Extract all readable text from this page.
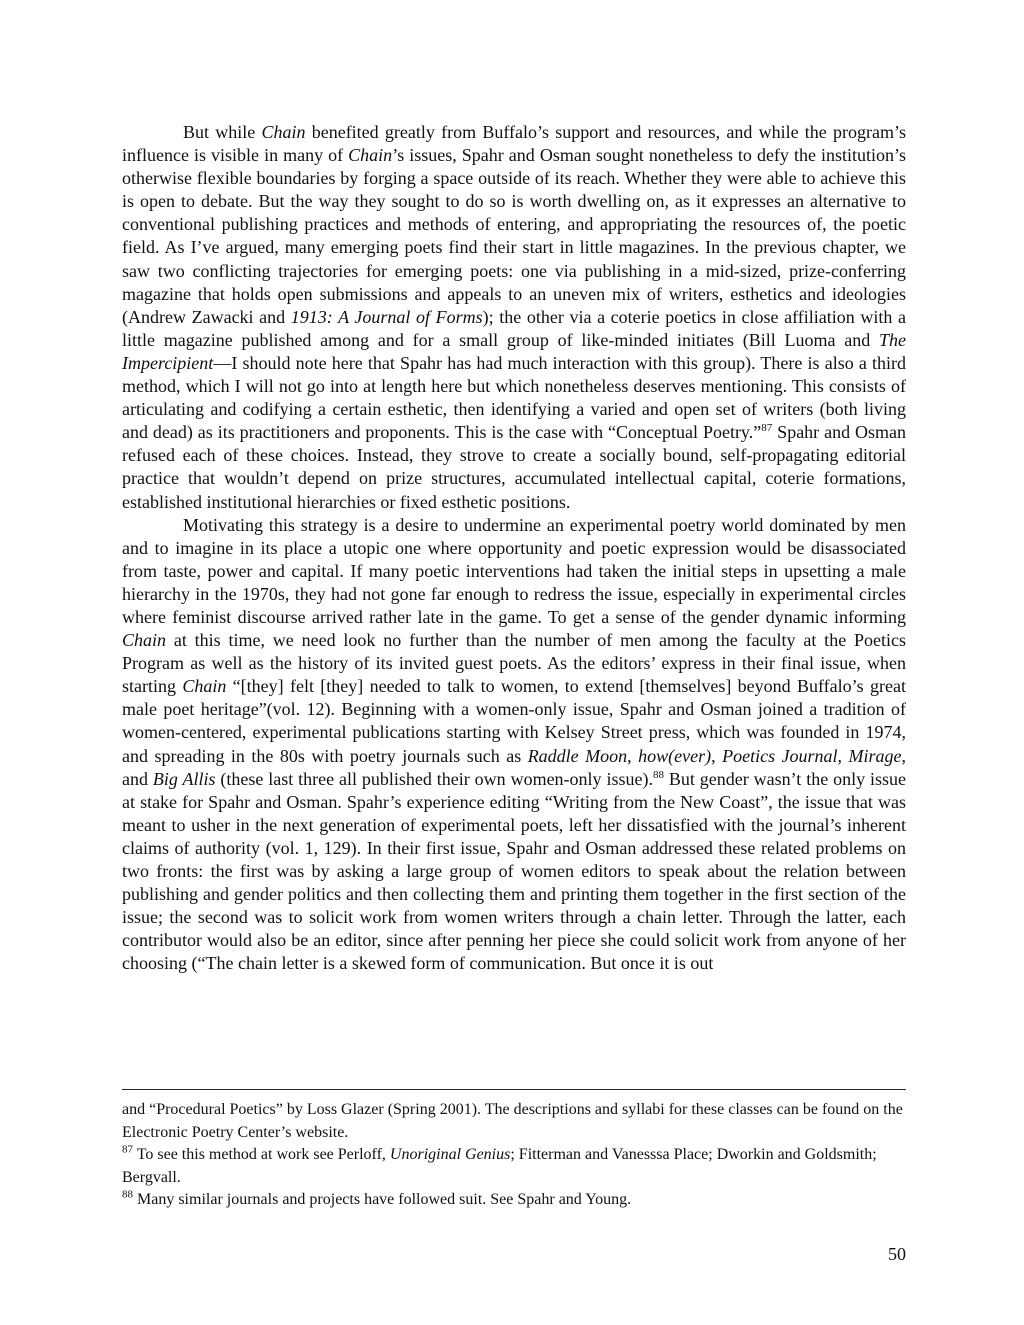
But while Chain benefited greatly from Buffalo’s support and resources, and while the program’s influence is visible in many of Chain’s issues, Spahr and Osman sought nonetheless to defy the institution’s otherwise flexible boundaries by forging a space outside of its reach. Whether they were able to achieve this is open to debate. But the way they sought to do so is worth dwelling on, as it expresses an alternative to conventional publishing practices and methods of entering, and appropriating the resources of, the poetic field. As I’ve argued, many emerging poets find their start in little magazines. In the previous chapter, we saw two conflicting trajectories for emerging poets: one via publishing in a mid-sized, prize-conferring magazine that holds open submissions and appeals to an uneven mix of writers, esthetics and ideologies (Andrew Zawacki and 1913: A Journal of Forms); the other via a coterie poetics in close affiliation with a little magazine published among and for a small group of like-minded initiates (Bill Luoma and The Impercipient—I should note here that Spahr has had much interaction with this group). There is also a third method, which I will not go into at length here but which nonetheless deserves mentioning. This consists of articulating and codifying a certain esthetic, then identifying a varied and open set of writers (both living and dead) as its practitioners and proponents. This is the case with “Conceptual Poetry.”$^{87}$ Spahr and Osman refused each of these choices. Instead, they strove to create a socially bound, self-propagating editorial practice that wouldn’t depend on prize structures, accumulated intellectual capital, coterie formations, established institutional hierarchies or fixed esthetic positions.

Motivating this strategy is a desire to undermine an experimental poetry world dominated by men and to imagine in its place a utopic one where opportunity and poetic expression would be disassociated from taste, power and capital. If many poetic interventions had taken the initial steps in upsetting a male hierarchy in the 1970s, they had not gone far enough to redress the issue, especially in experimental circles where feminist discourse arrived rather late in the game. To get a sense of the gender dynamic informing Chain at this time, we need look no further than the number of men among the faculty at the Poetics Program as well as the history of its invited guest poets. As the editors’ express in their final issue, when starting Chain “[they] felt [they] needed to talk to women, to extend [themselves] beyond Buffalo’s great male poet heritage”(vol. 12). Beginning with a women-only issue, Spahr and Osman joined a tradition of women-centered, experimental publications starting with Kelsey Street press, which was founded in 1974, and spreading in the 80s with poetry journals such as Raddle Moon, how(ever), Poetics Journal, Mirage, and Big Allis (these last three all published their own women-only issue).$^{88}$ But gender wasn’t the only issue at stake for Spahr and Osman. Spahr’s experience editing “Writing from the New Coast”, the issue that was meant to usher in the next generation of experimental poets, left her dissatisfied with the journal’s inherent claims of authority (vol. 1, 129). In their first issue, Spahr and Osman addressed these related problems on two fronts: the first was by asking a large group of women editors to speak about the relation between publishing and gender politics and then collecting them and printing them together in the first section of the issue; the second was to solicit work from women writers through a chain letter. Through the latter, each contributor would also be an editor, since after penning her piece she could solicit work from anyone of her choosing (“The chain letter is a skewed form of communication. But once it is out

and “Procedural Poetics” by Loss Glazer (Spring 2001). The descriptions and syllabi for these classes can be found on the Electronic Poetry Center’s website.

$^{87}$ To see this method at work see Perloff, Unoriginal Genius; Fitterman and Vanesssa Place; Dworkin and Goldsmith; Bergvall.

$^{88}$ Many similar journals and projects have followed suit. See Spahr and Young.

50
